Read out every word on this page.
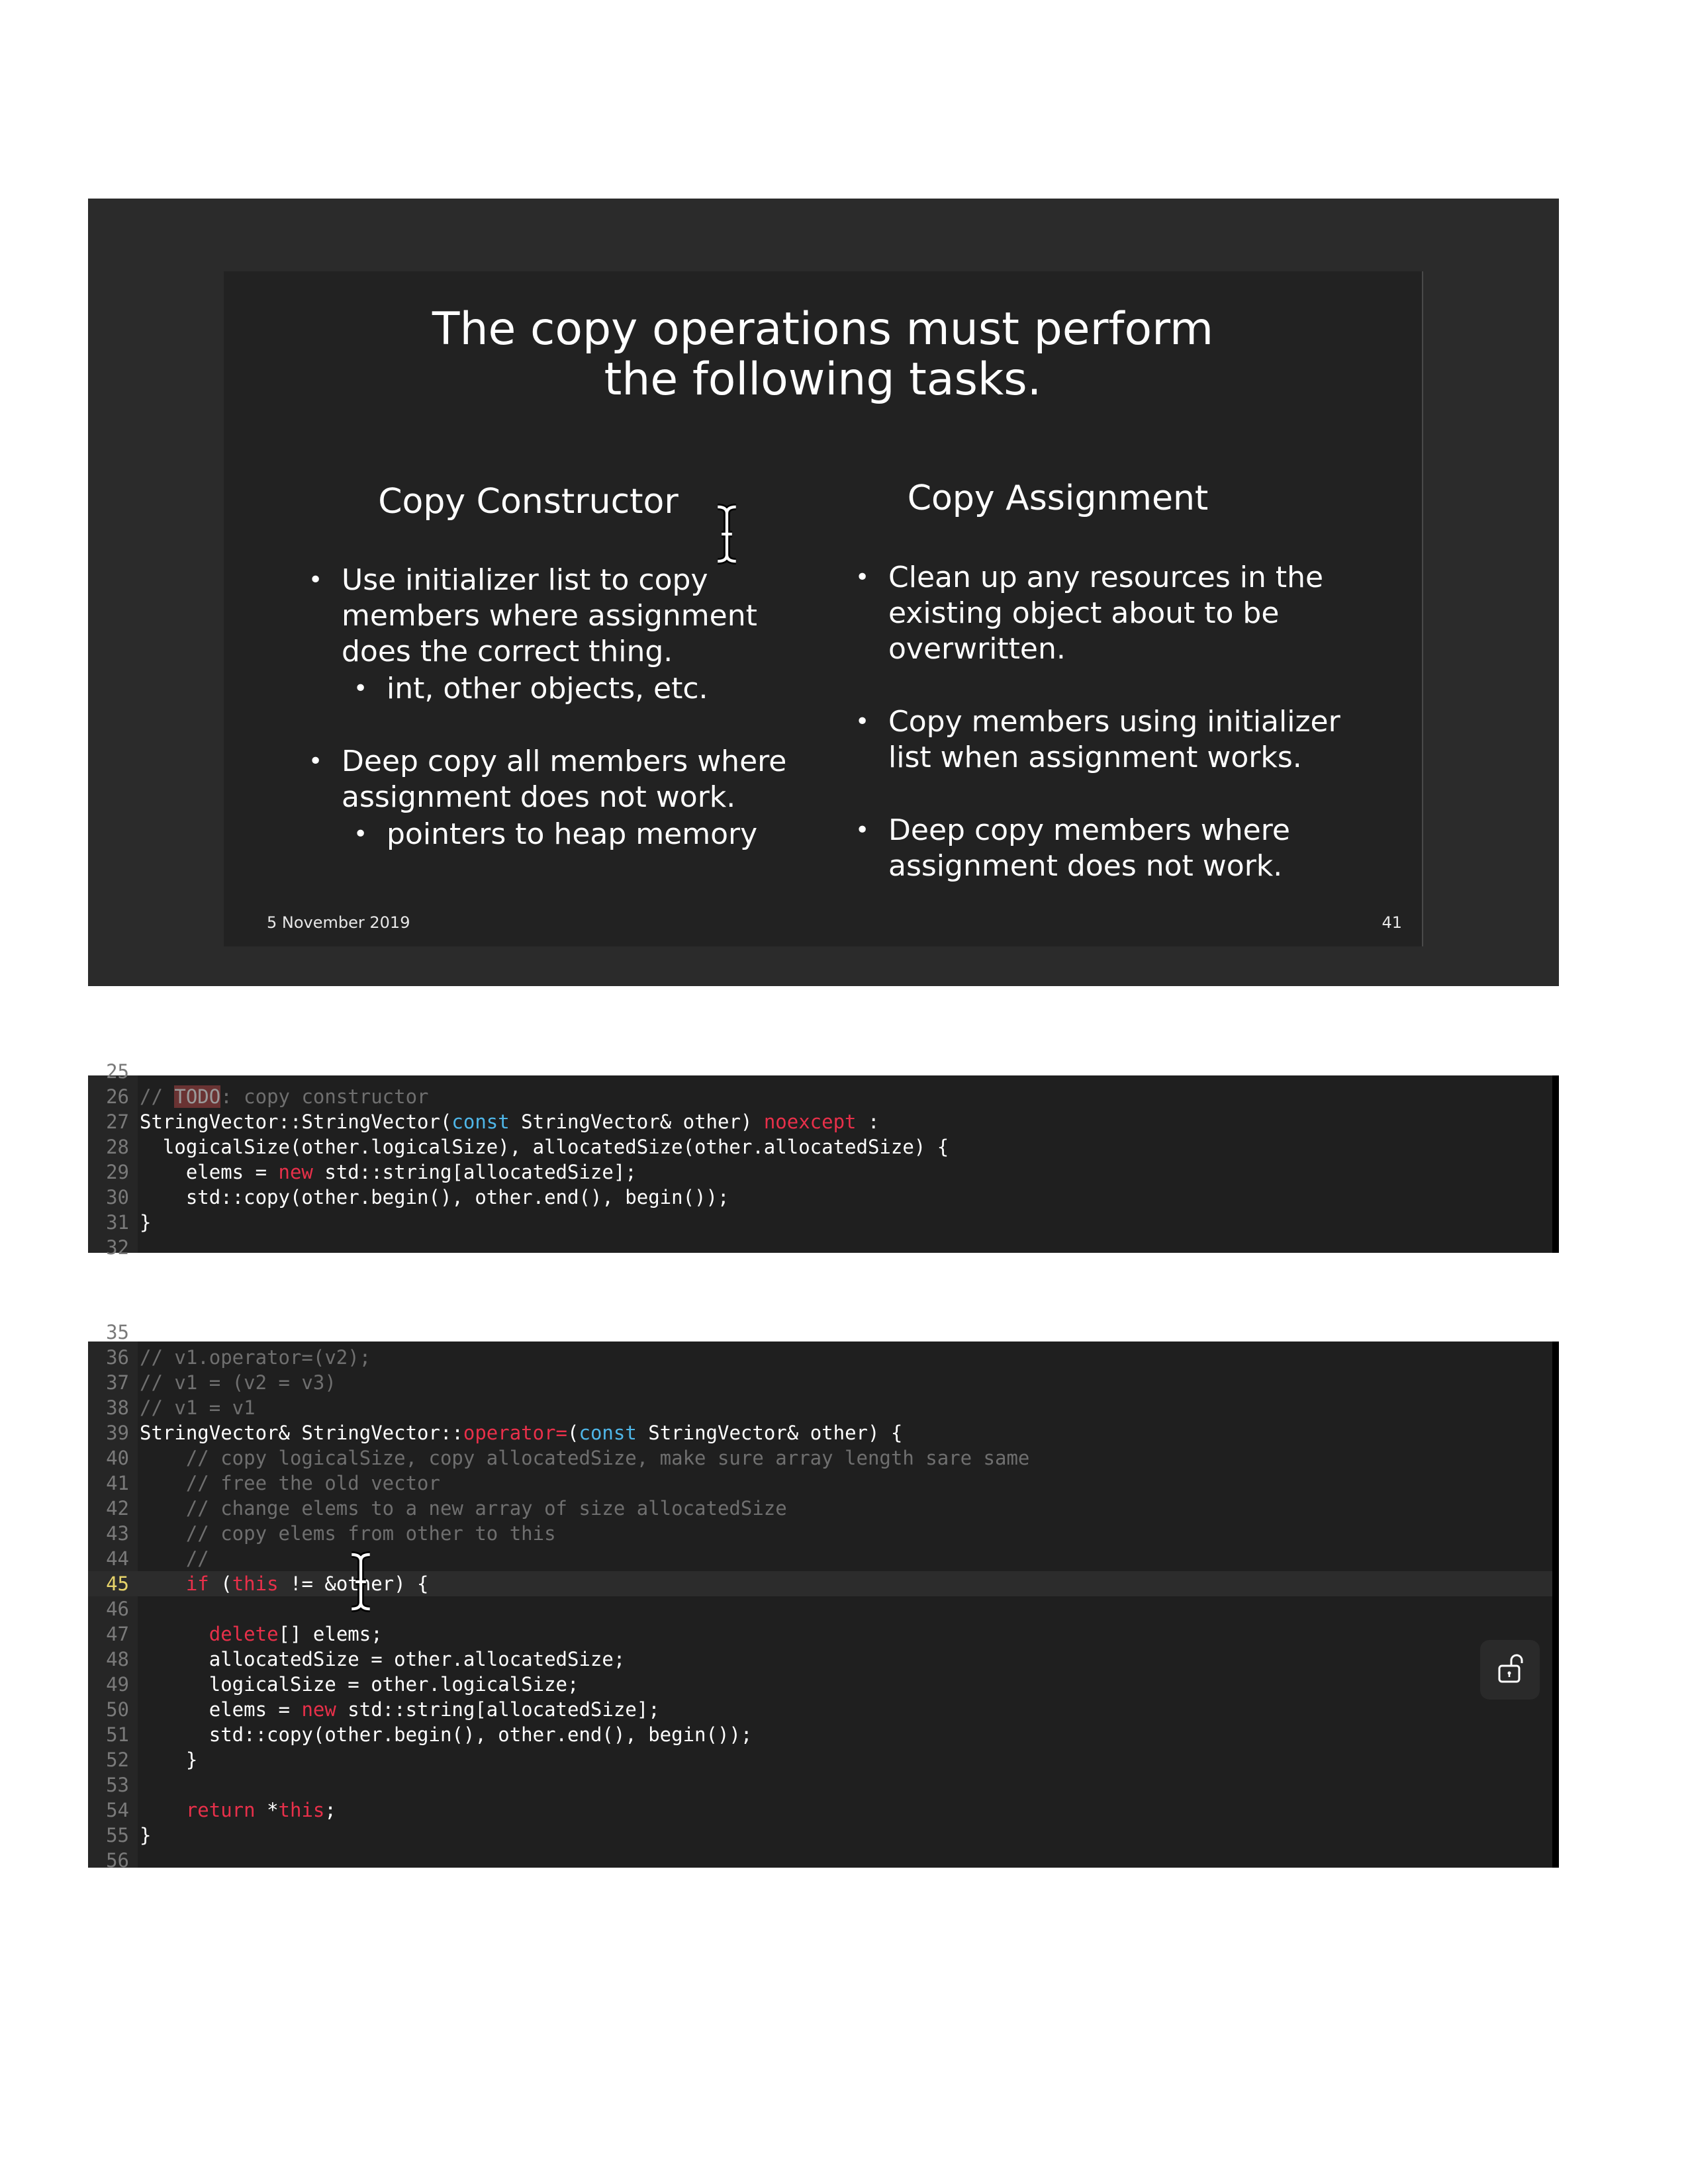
The copy operations must perform
the following tasks.
Copy Constructor	Copy Assignment
• Use initializer list to copy
members where assignment
does the correct thing.
• int, other objects, etc.
• Deep copy all members where
assignment does not work.
• pointers to heap memory
• Clean up any resources in the
existing object about to be
overwritten.
• Copy members using initializer
list when assignment works.
• Deep copy members where
assignment does not work.
5 November 2019	41
25
26 // TODO: copy constructor
27 StringVector::StringVector(const StringVector& other) noexcept :
28 logicalSize(other.logicalSize), allocatedSize(other.allocatedSize) {
29 elems = new std::string[allocatedSize];
30 std::copy(other.begin(), other.end(), begin());
31 }
32
35
36 // v1.operator=(v2);
37 // v1 = (v2 = v3)
38 // v1 = v1
39 StringVector& StringVector::operator=(const StringVector& other) {
40 // copy logicalSize, copy allocatedSize, make sure array length sare same
41 // free the old vector
42 // change elems to a new array of size allocatedSize
43 // copy elems from other to this
44 //
45	if (this != &other) {
46
47	delete[] elems;
48 allocatedSize = other.allocatedSize;
49 logicalSize = other.logicalSize;
50 elems = new std::string[allocatedSize];
51 std::copy(other.begin(), other.end(), begin());
52 }
53
54	return *this;
55 }
56
